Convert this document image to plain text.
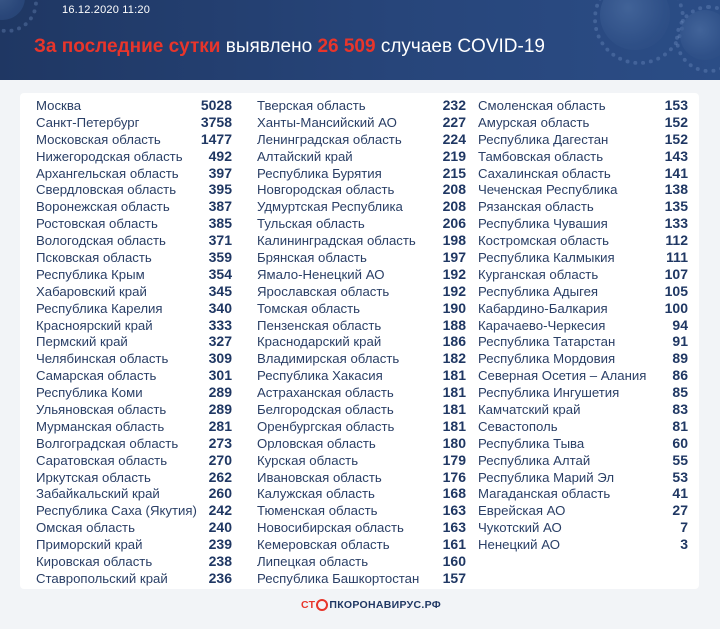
16.12.2020 11:20
За последние сутки выявлено 26 509 случаев COVID-19
Москва	5028
Санкт-Петербург	3758
Московская область	1477
Нижегородская область 492
Архангельская область 397
Свердловская область 395
Воронежская область	387
Ростовская область	385
Вологодская область	371
Псковская область	359
Республика Крым	354
Хабаровский край	345
Республика Карелия	340
Красноярский край	333
Пермский край	327
Челябинская область	309
Самарская область	301
Республика Коми	289
Ульяновская область	289
Мурманская область	281
Волгоградская область 273
Саратовская область	270
Иркутская область	262
Забайкальский край	260
Республика Саха (Якутия) 242
Омская область	240
Приморский край	239
Кировская область	238
Ставропольский край	236
Тверская область	232
Ханты-Мансийский АО	227
Ленинградская область	224
Алтайский край	219
Республика Бурятия	215
Новгородская область	208
Удмуртская Республика	208
Тульская область	206
Калининградская область 198
Брянская область	197
Ямало-Ненецкий АО	192
Ярославская область	192
Томская область	190
Пензенская область	188
Краснодарский край	186
Владимирская область	182
Республика Хакасия	181
Астраханская область	181
Белгородская область	181
Оренбургская область	181
Орловская область	180
Курская область	179
Ивановская область	176
Калужская область	168
Тюменская область	163
Новосибирская область	163
Кемеровская область	161
Липецкая область	160
Республика Башкортостан 157
Смоленская область	153
Амурская область	152
Республика Дагестан	152
Тамбовская область	143
Сахалинская область	141
Чеченская Республика	138
Рязанская область	135
Республика Чувашия	133
Костромская область	112
Республика Калмыкия	111
Курганская область	107
Республика Адыгея	105
Кабардино-Балкария	100
Карачаево-Черкесия	94
Республика Татарстан	91
Республика Мордовия	89
Северная Осетия – Алания 86
Республика Ингушетия	85
Камчатский край	83
Севастополь	81
Республика Тыва	60
Республика Алтай	55
Республика Марий Эл	53
Магаданская область	41
Еврейская АО	27
Чукотский АО	7
Ненецкий АО	3
СТ ПКОРОНАВИРУС.РФ
